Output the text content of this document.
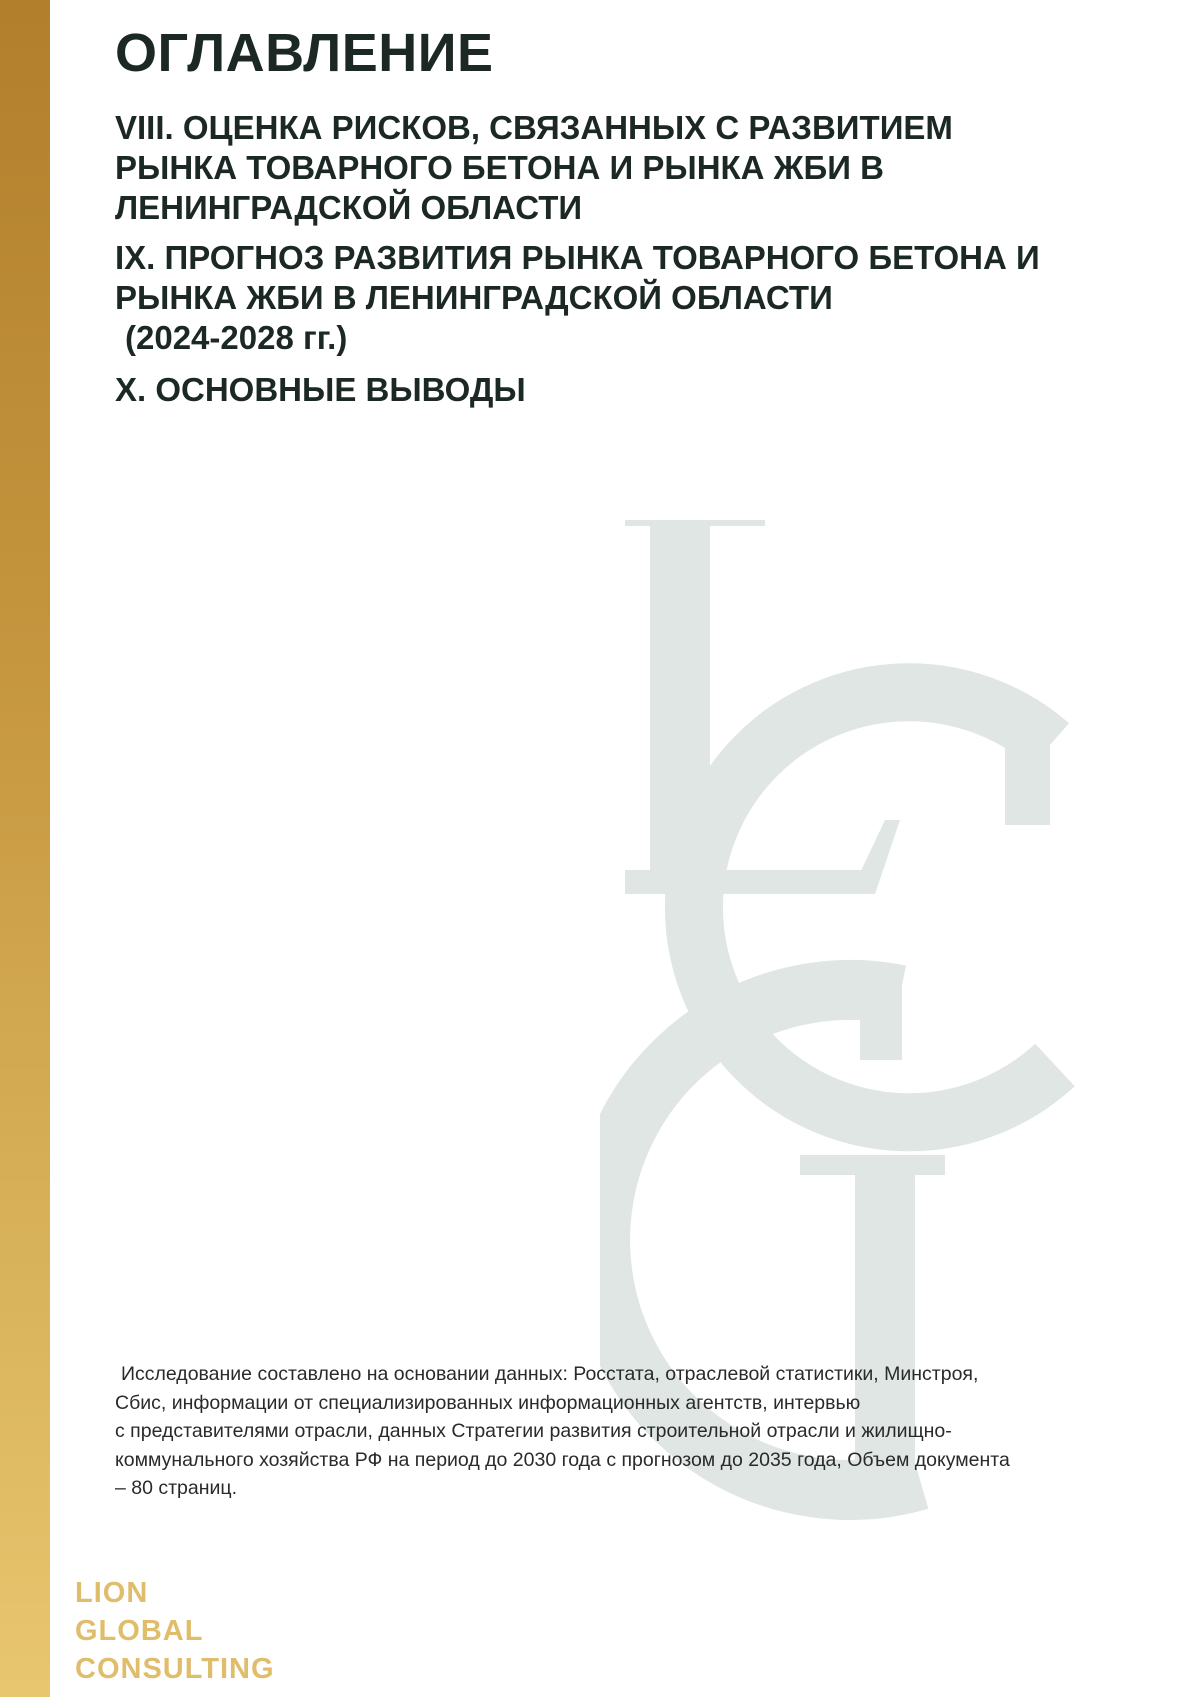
ОГЛАВЛЕНИЕ
VIII. ОЦЕНКА РИСКОВ, СВЯЗАННЫХ С РАЗВИТИЕМ
РЫНКА ТОВАРНОГО БЕТОНА И РЫНКА ЖБИ В
ЛЕНИНГРАДСКОЙ ОБЛАСТИ
IX. ПРОГНОЗ РАЗВИТИЯ РЫНКА ТОВАРНОГО БЕТОНА И
РЫНКА ЖБИ В ЛЕНИНГРАДСКОЙ ОБЛАСТИ
(2024-2028 гг.)
X. ОСНОВНЫЕ ВЫВОДЫ
Исследование составлено на основании данных: Росстата, отраслевой статистики, Минстроя,
Сбис, информации от специализированных информационных агентств, интервью
с представителями отрасли, данных Стратегии развития строительной отрасли и жилищно-
коммунального хозяйства РФ на период до 2030 года с прогнозом до 2035 года, Объем документа
– 80 страниц.
LION
GLOBAL
CONSULTING
